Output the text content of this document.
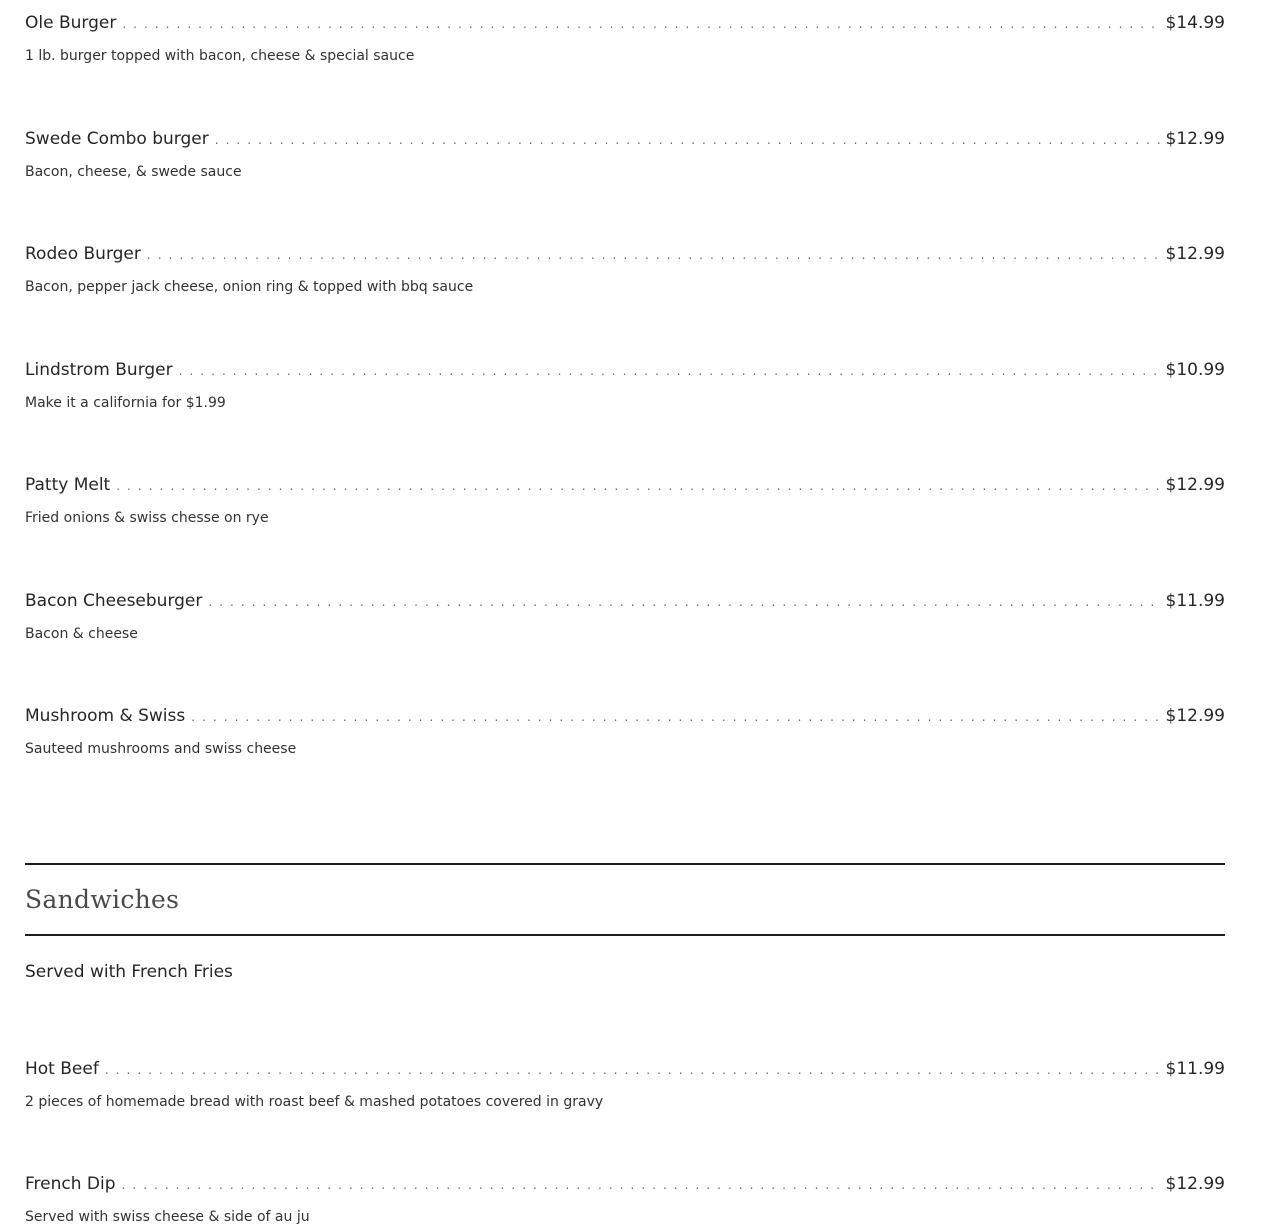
Ole Burger . . .	$14.99
1 lb. burger topped with bacon, cheese & special sauce
Swede Combo burger . . .	$12.99
Bacon, cheese, & swede sauce
Rodeo Burger . . .	$12.99
Bacon, pepper jack cheese, onion ring & topped with bbq sauce
Lindstrom Burger . . .	$10.99
Make it a california for $1.99
Patty Melt . . .	$12.99
Fried onions & swiss chesse on rye
Bacon Cheeseburger . . .	$11.99
Bacon & cheese
Mushroom & Swiss . . .	$12.99
Sauteed mushrooms and swiss cheese
Sandwiches
Served with French Fries
Hot Beef . . .	$11.99
2 pieces of homemade bread with roast beef & mashed potatoes covered in gravy
French Dip . . .	$12.99
Served with swiss cheese & side of au ju
